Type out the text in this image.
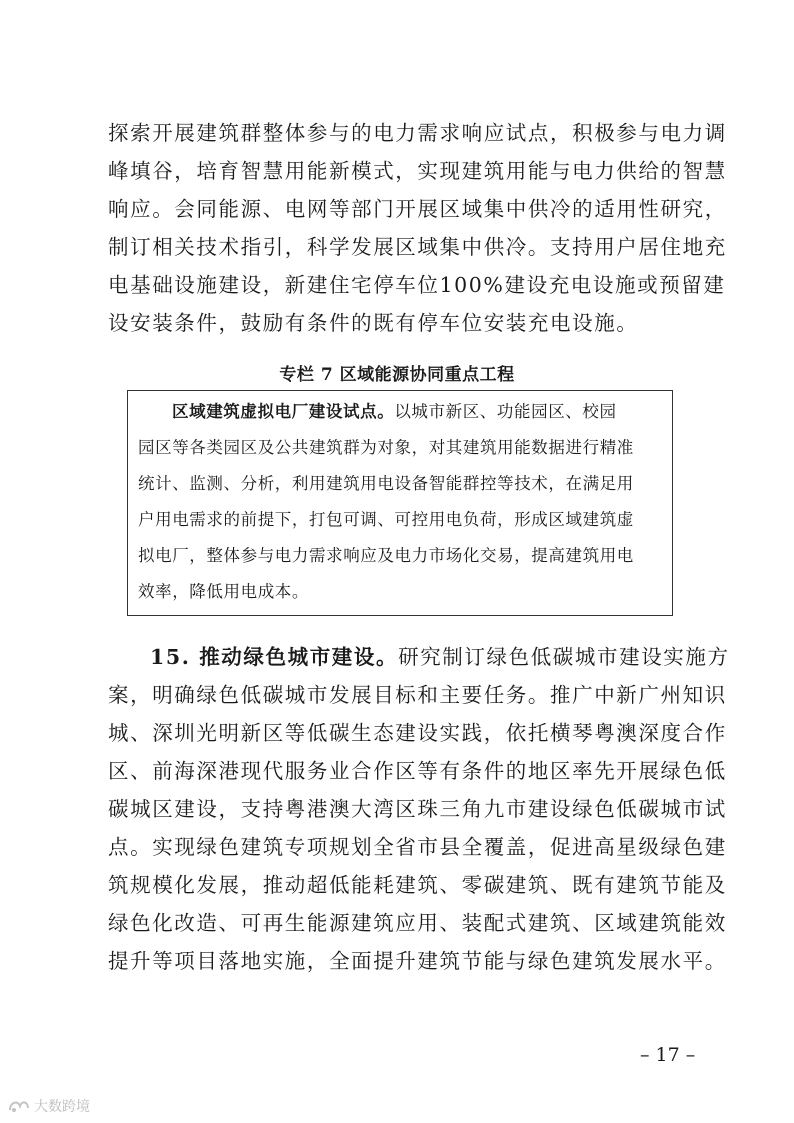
探索开展建筑群整体参与的电力需求响应试点，积极参与电力调
峰填谷，培育智慧用能新模式，实现建筑用能与电力供给的智慧
响应。会同能源、电网等部门开展区域集中供冷的适用性研究，
制订相关技术指引，科学发展区域集中供冷。支持用户居住地充
电基础设施建设，新建住宅停车位100%建设充电设施或预留建
设安装条件，鼓励有条件的既有停车位安装充电设施。
专栏 7 区域能源协同重点工程
区域建筑虚拟电厂建设试点。以城市新区、功能园区、校园
园区等各类园区及公共建筑群为对象，对其建筑用能数据进行精准
统计、监测、分析，利用建筑用电设备智能群控等技术，在满足用
户用电需求的前提下，打包可调、可控用电负荷，形成区域建筑虚
拟电厂，整体参与电力需求响应及电力市场化交易，提高建筑用电
效率，降低用电成本。
15. 推动绿色城市建设。研究制订绿色低碳城市建设实施方
案，明确绿色低碳城市发展目标和主要任务。推广中新广州知识
城、深圳光明新区等低碳生态建设实践，依托横琴粤澳深度合作
区、前海深港现代服务业合作区等有条件的地区率先开展绿色低
碳城区建设，支持粤港澳大湾区珠三角九市建设绿色低碳城市试
点。实现绿色建筑专项规划全省市县全覆盖，促进高星级绿色建
筑规模化发展，推动超低能耗建筑、零碳建筑、既有建筑节能及
绿色化改造、可再生能源建筑应用、装配式建筑、区域建筑能效
提升等项目落地实施，全面提升建筑节能与绿色建筑发展水平。
– 17 –
大数跨境
